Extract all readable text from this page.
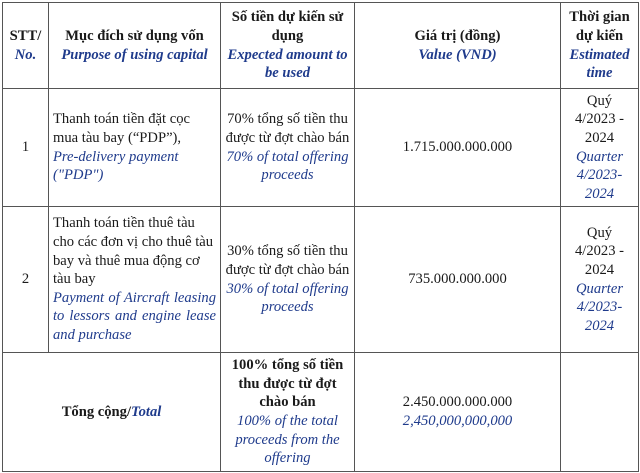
STT/
No.	Mục đích sử dụng vốn
Purpose of using capital	Số tiền dự kiến sử dụng
Expected amount to be used	Giá trị (đồng)
Value (VND)	Thời gian dự kiến
Estimated time

1	Thanh toán tiền đặt cọc mua tàu bay (“PDP”),
Pre-delivery payment ("PDP")	70% tổng số tiền thu được từ đợt chào bán
70% of total offering proceeds	1.715.000.000.000	Quý 4/2023 - 2024
Quarter 4/2023-2024

2	Thanh toán tiền thuê tàu cho các đơn vị cho thuê tàu bay và thuê mua động cơ tàu bay
Payment of Aircraft leasing to lessors and engine lease and purchase	30% tổng số tiền thu được từ đợt chào bán
30% of total offering proceeds	735.000.000.000	Quý 4/2023 - 2024
Quarter 4/2023-2024

Tổng cộng/Total		100% tổng số tiền thu được từ đợt chào bán
100% of the total proceeds from the offering	2.450.000.000.000
2,450,000,000,000	
